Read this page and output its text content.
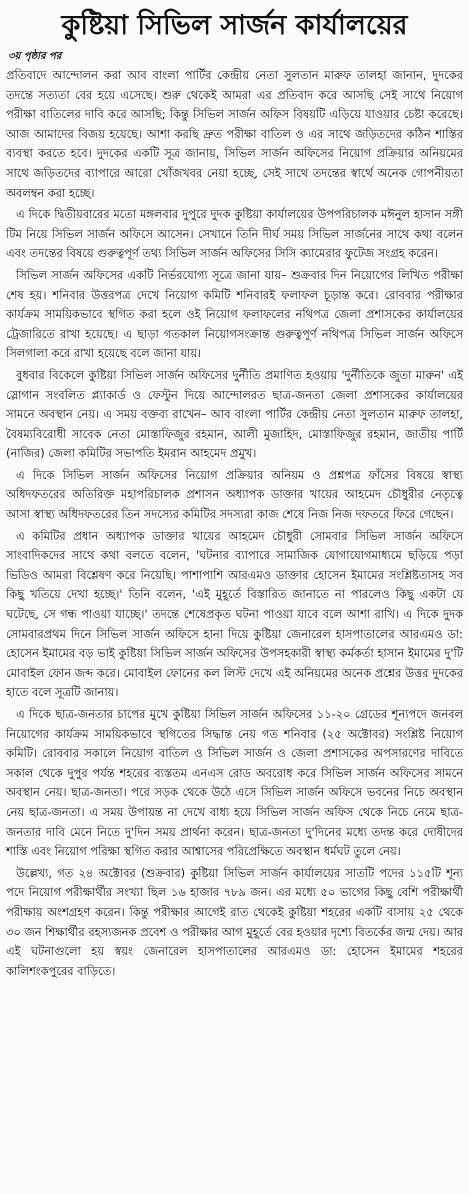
কুষ্টিয়া সিভিল সার্জন কার্যালয়ের
৩য় পৃষ্ঠার পর

প্রতিবাদে আন্দোলন করা আব বাংলা পার্টির কেন্দ্রীয় নেতা সুলতান মারুফ তালহা জানান, দুদকের তদন্তে সত্যতা বের হয়ে এসেছে। শুরু থেকেই আমরা এর প্রতিবাদ করে আসছি সেই সাথে নিয়োগ পরীক্ষা বাতিলের দাবি করে আসছি; কিন্তু সিভিল সার্জন অফিস বিষয়টি এড়িয়ে যাওয়ার চেষ্টা করেছে। আজ আমাদের বিজয় হয়েছে। আশা করছি দ্রুত পরীক্ষা বাতিল ও এর সাথে জড়িতদের কঠিন শাস্তির ব্যবস্থা করতে হবে। দুদকের একটি সূত্র জানায়, সিভিল সার্জন অফিসের নিয়োগ প্রক্রিয়ার অনিয়মের সাথে জড়িতদের ব্যাপারে আরো খোঁজখবর নেয়া হচ্ছে, সেই সাথে তদন্তের স্বার্থে অনেক গোপনীয়তা অবলম্বন করা হচ্ছে।

এ দিকে দ্বিতীয়বারের মতো মঙ্গলবার দুপুরে দুদক কুষ্টিয়া কার্যালয়ের উপপরিচালক মঈনুল হাসান সঙ্গী টিম নিয়ে সিভিল সার্জন অফিসে আসেন। সেখানে তিনি দীর্ঘ সময় সিভিল সার্জনের সাথে কথা বলেন এবং তদন্তের বিষয়ে গুরুত্বপূর্ণ তথ্য সিভিল সার্জন অফিসের সিসি ক্যামেরার ফুটেজ সংগ্রহ করেন।

সিভিল সার্জন অফিসের একটি নির্ভরযোগ্য সূত্রে জানা যায়– শুক্রবার দিন নিয়োগের লিখিত পরীক্ষা শেষ হয়। শনিবার উত্তরপত্র দেখে নিয়োগ কমিটি শনিবারই ফলাফল চূড়ান্ত করে। রোববার পরীক্ষার কার্যক্রম সাময়িকভাবে স্থগিত করা হলে ওই নিয়োগ ফলাফলের নথিপত্র জেলা প্রশাসকের কার্যালয়ের ট্রেজারিতে রাখা হয়েছে। এ ছাড়া গতকাল নিয়োগসংক্রান্ত গুরুত্বপূর্ণ নথিপত্র সিভিল সার্জন অফিসে সিলগালা করে রাখা হয়েছে বলে জানা যায়।

বুধবার বিকেলে কুষ্টিয়া সিভিল সার্জন অফিসের দুর্নীতি প্রমাণিত হওয়ায় 'দুর্নীতিকে জুতা মারুন' এই স্লোগান সংবলিত প্ল্যাকার্ড ও ফেস্টুন দিয়ে আন্দোলরত ছাত্র-জনতা জেলা প্রশাসকের কার্যালয়ের সামনে অবস্থান নেয়। এ সময় বক্তব্য রাখেন– আব বাংলা পার্টির কেন্দ্রীয় নেতা সুলতান মারুফ তালহা, বৈষম্যবিরোধী সাবেক নেতা মোস্তাফিজুর রহমান, আলী মুজাহিদ, মোস্তাফিজুর রহমান, জাতীয় পার্টি (নাজির) জেলা কমিটির সভাপতি ইমরান আহমেদ প্রমুখ।

এ দিকে সিভিল সার্জন অফিসের নিয়োগ প্রক্রিয়ার অনিয়ম ও প্রশ্নপত্র ফাঁসের বিষয়ে স্বাস্থ্য অধিদফতরের অতিরিক্ত মহাপরিচালক প্রশাসন অধ্যাপক ডাক্তার খায়ের আহমেদ চৌধুরীর নেতৃত্বে আসা স্বাস্থ্য অধিদফতরের তিন সদস্যের কমিটির সদস্যরা কাজ শেষে নিজ নিজ দফতরে ফিরে গেছেন।

এ কমিটির প্রধান অধ্যাপক ডাক্তার খায়ের আহমেদ চৌধুরী সোমবার সিভিল সার্জন অফিসে সাংবাদিকদের সাথে কথা বলতে বলেন, 'ঘটনার ব্যাপারে সামাজিক যোগাযোগমাধ্যমে ছড়িয়ে পড়া ভিডিও আমরা বিশ্লেষণ করে নিয়েছি। পাশাপাশি আরএমও ডাক্তার হোসেন ইমামের সংশ্লিষ্টতাসহ সব কিছু খতিয়ে দেখা হচ্ছে।' তিনি বলেন, 'এই মুহূর্তে বিস্তারিত জানাতে না পারলেও কিছু একটা যে ঘটেছে, সে গন্ধ পাওয়া যাচ্ছে।' তদন্তে শেষেপ্রকৃত ঘটনা পাওয়া যাবে বলে আশা রাখি। এ দিকে দুদক সোমবারপ্রথম দিনে সিভিল সার্জন অফিসে হানা দিয়ে কুষ্টিয়া জেনারেল হাসপাতালের আরএমও ডা: হোসেন ইমামের বড় ভাই কুষ্টিয়া সিভিল সার্জন অফিসের উপসহকারী স্বাস্থ্য কর্মকর্তা হাসান ইমামের দু'টি মোবাইল ফোন জব্দ করে। মোবাইল ফোনের কল লিস্ট দেখে এই অনিয়মের অনেক প্রশ্নের উত্তর দুদকের হাতে বলে সূত্রটি জানায়।

এ দিকে ছাত্র-জনতার চাপের মুখে কুষ্টিয়া সিভিল সার্জন অফিসের ১১-২০ গ্রেডের শূন্যপদে জনবল নিয়োগের কার্যক্রম সাময়িকভাবে স্থগিতের সিদ্ধান্ত নেয় গত শনিবার (২৫ অক্টোবর) সংশ্লিষ্ট নিয়োগ কমিটি। রোববার সকালে নিয়োগ বাতিল ও সিভিল সার্জন ও জেলা প্রশাসকের অপসারণের দাবিতে সকাল থেকে দুপুর পর্যন্ত শহরের ব্যস্ততম এনএস রোড অবরোধ করে সিভিল সার্জন অফিসের সামনে অবস্থান নেয়। ছাত্র-জনতা। পরে সড়ক থেকে উঠে এসে সিভিল সার্জন অফিসে ভবনের নিচে অবস্থান নেয় ছাত্র-জনতা। এ সময় উপায়ন্ত না দেখে বাধ্য হয়ে সিভিল সার্জন অফিস থেকে নিচে নেমে ছাত্র-জনতার দাবি মেনে নিতে দু'দিন সময় প্রার্থনা করেন। ছাত্র-জনতা দু'দিনের মধ্যে তদন্ত করে দোষীদের শাস্তি এবং নিয়োগ পরিক্ষা স্থগিত করার আশ্বাসের পরিপ্রেক্ষিতে অবস্থান ধর্মঘট তুলে নেয়।

উল্লেখ্য, গত ২৪ অক্টোবর (শুক্রবার) কুষ্টিয়া সিভিল সার্জন কার্যালয়ের সাতটি পদের ১১৫টি শূন্য পদে নিয়োগ পরীক্ষার্থীর সংখ্যা ছিল ১৬ হাজার ৭৮৯ জন। এর মধ্যে ৫০ ভাগের কিছু বেশি পরীক্ষার্থী পরীক্ষায় অংশগ্রহণ করেন। কিন্তু পরীক্ষার আগেই রাত থেকেই কুষ্টিয়া শহরের একটি বাসায় ২৫ থেকে ৩০ জন শিক্ষার্থীর রহস্যজনক প্রবেশ ও পরীক্ষার আগ মুহূর্তে বের হওয়ার দৃশ্যে বিতর্কের জন্ম দেয়। আর এই ঘটনাগুলো হয় স্বয়ং জেনারেল হাসপাতালের আরএমও ডা: হোসেন ইমামের শহরের কালিশংকপুরের বাড়িতে।
